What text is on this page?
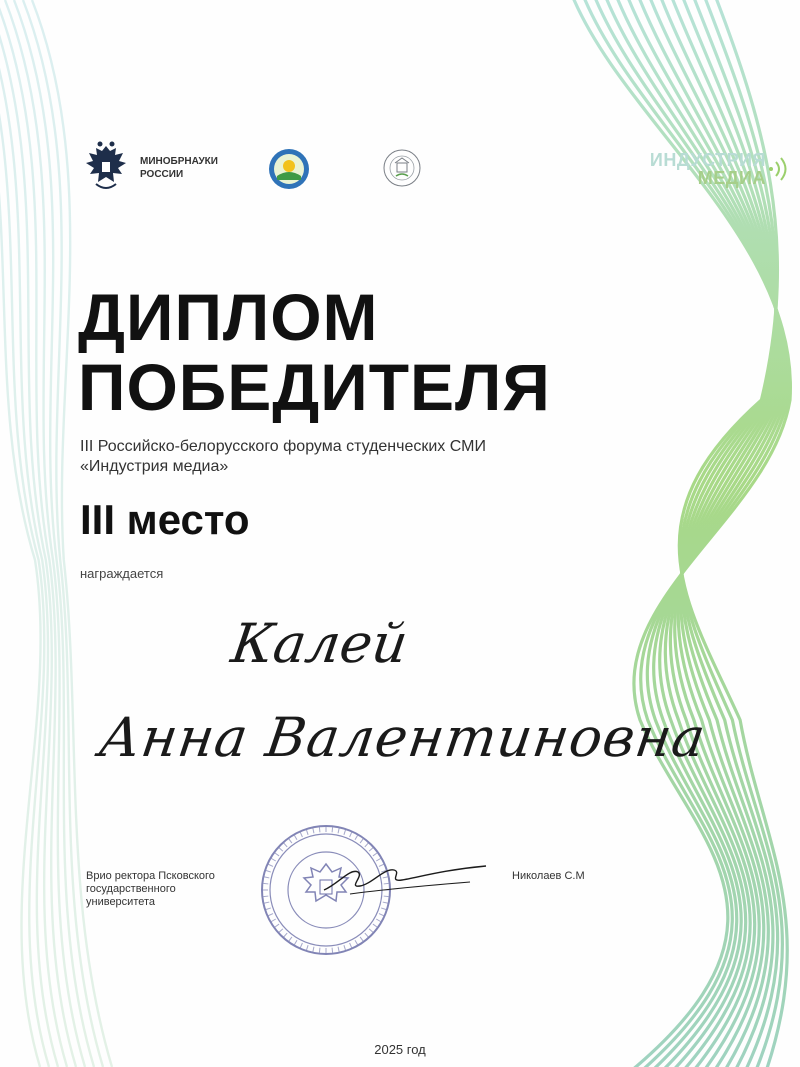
МИНОБРНАУКИ
РОССИИ
ИНДУСТРИЯ
МЕДИА
ДИПЛОМ
ПОБЕДИТЕЛЯ
III Российско-белорусского форума студенческих СМИ
«Индустрия медиа»
III место
награждается
Калей
Анна Валентиновна
Врио ректора Псковского
государственного
университета
Николаев С.М
2025 год
